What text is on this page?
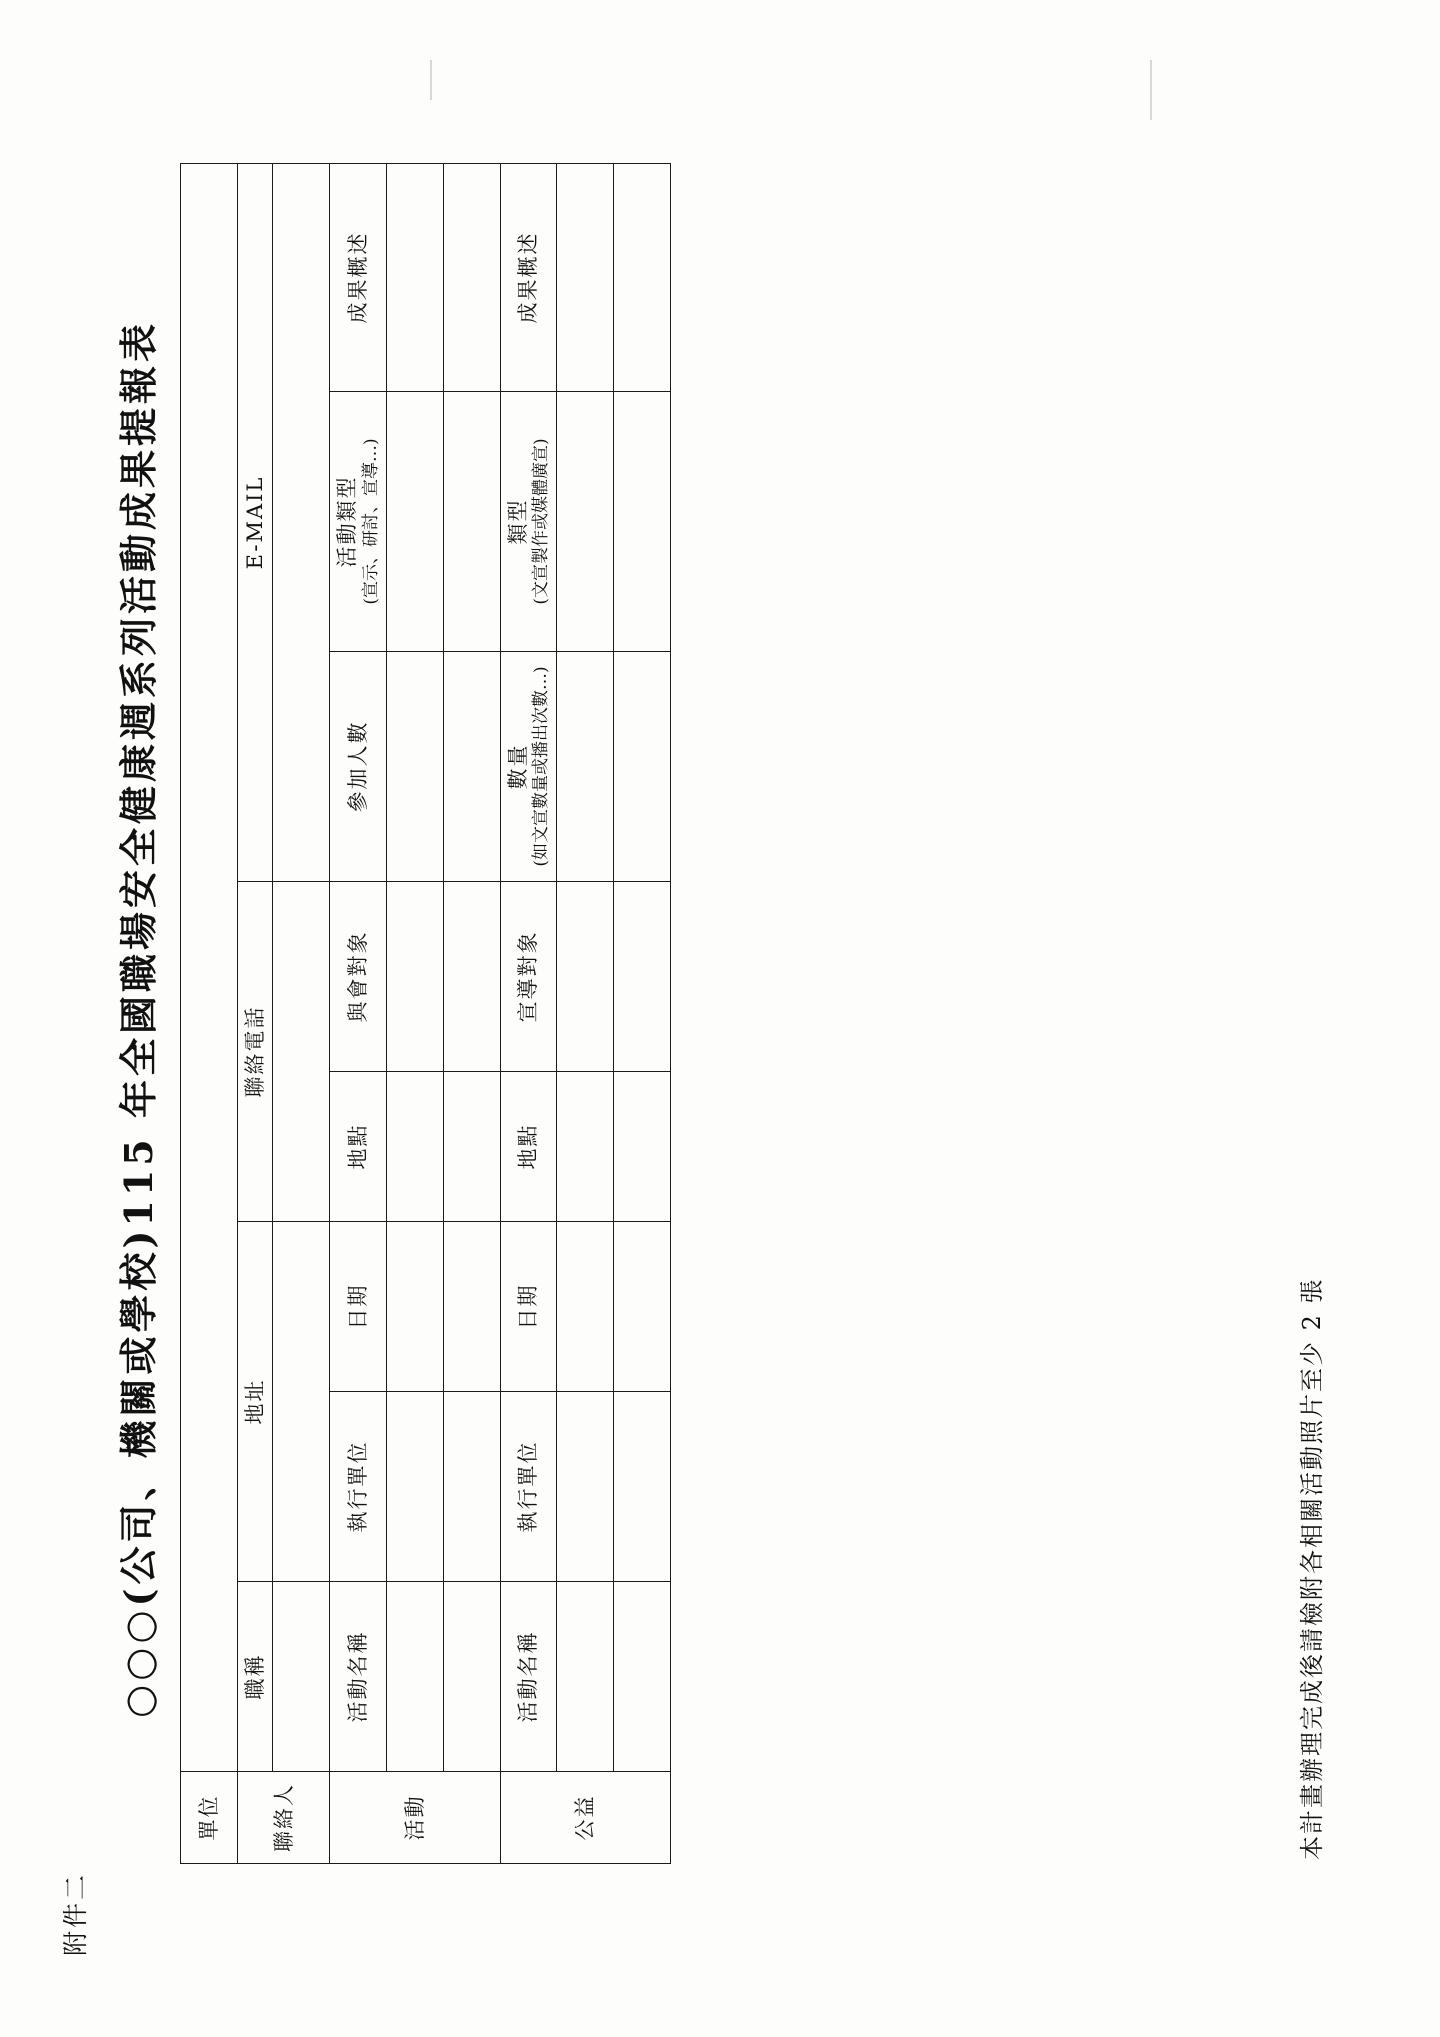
附件二
○○○(公司、機關或學校)115 年全國職場安全健康週系列活動成果提報表
單位								
聯絡人	職稱	地址		聯絡電話		E-MAIL		

活動	活動名稱	執行單位	日期	地點	與會對象	參加人數	活動類型 (宣示、研討、宣導…)	成果概述

公益	活動名稱	執行單位	日期	地點	宣導對象	數量 (如文宣數量或播出次數…)	類型 (文宣製作或媒體廣宣)	成果概述

本計畫辦理完成後請檢附各相關活動照片至少 2 張
